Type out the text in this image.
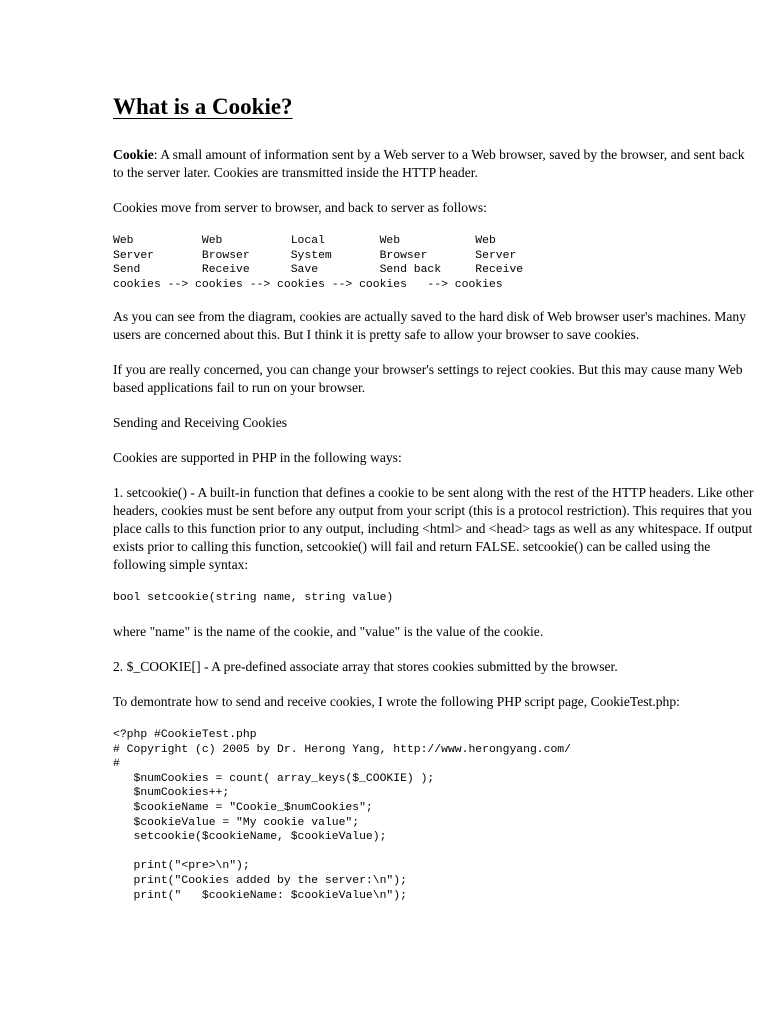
What is a Cookie?

Cookie: A small amount of information sent by a Web server to a Web browser, saved by the browser, and sent back to the server later. Cookies are transmitted inside the HTTP header.

Cookies move from server to browser, and back to server as follows:

Web          Web          Local        Web           Web
Server       Browser      System       Browser       Server
Send         Receive      Save         Send back     Receive
cookies --> cookies --> cookies --> cookies   --> cookies

As you can see from the diagram, cookies are actually saved to the hard disk of Web browser user's machines. Many users are concerned about this. But I think it is pretty safe to allow your browser to save cookies.

If you are really concerned, you can change your browser's settings to reject cookies. But this may cause many Web based applications fail to run on your browser.

Sending and Receiving Cookies

Cookies are supported in PHP in the following ways:

1. setcookie() - A built-in function that defines a cookie to be sent along with the rest of the HTTP headers. Like other headers, cookies must be sent before any output from your script (this is a protocol restriction). This requires that you place calls to this function prior to any output, including <html> and <head> tags as well as any whitespace. If output exists prior to calling this function, setcookie() will fail and return FALSE. setcookie() can be called using the following simple syntax:

bool setcookie(string name, string value)

where "name" is the name of the cookie, and "value" is the value of the cookie.

2. $_COOKIE[] - A pre-defined associate array that stores cookies submitted by the browser.

To demontrate how to send and receive cookies, I wrote the following PHP script page, CookieTest.php:

<?php #CookieTest.php
# Copyright (c) 2005 by Dr. Herong Yang, http://www.herongyang.com/
#
$numCookies = count( array_keys($_COOKIE) );
$numCookies++;
$cookieName = "Cookie_$numCookies";
$cookieValue = "My cookie value";
setcookie($cookieName, $cookieValue);

print("<pre>\n");
print("Cookies added by the server:\n");
print("   $cookieName: $cookieValue\n");
